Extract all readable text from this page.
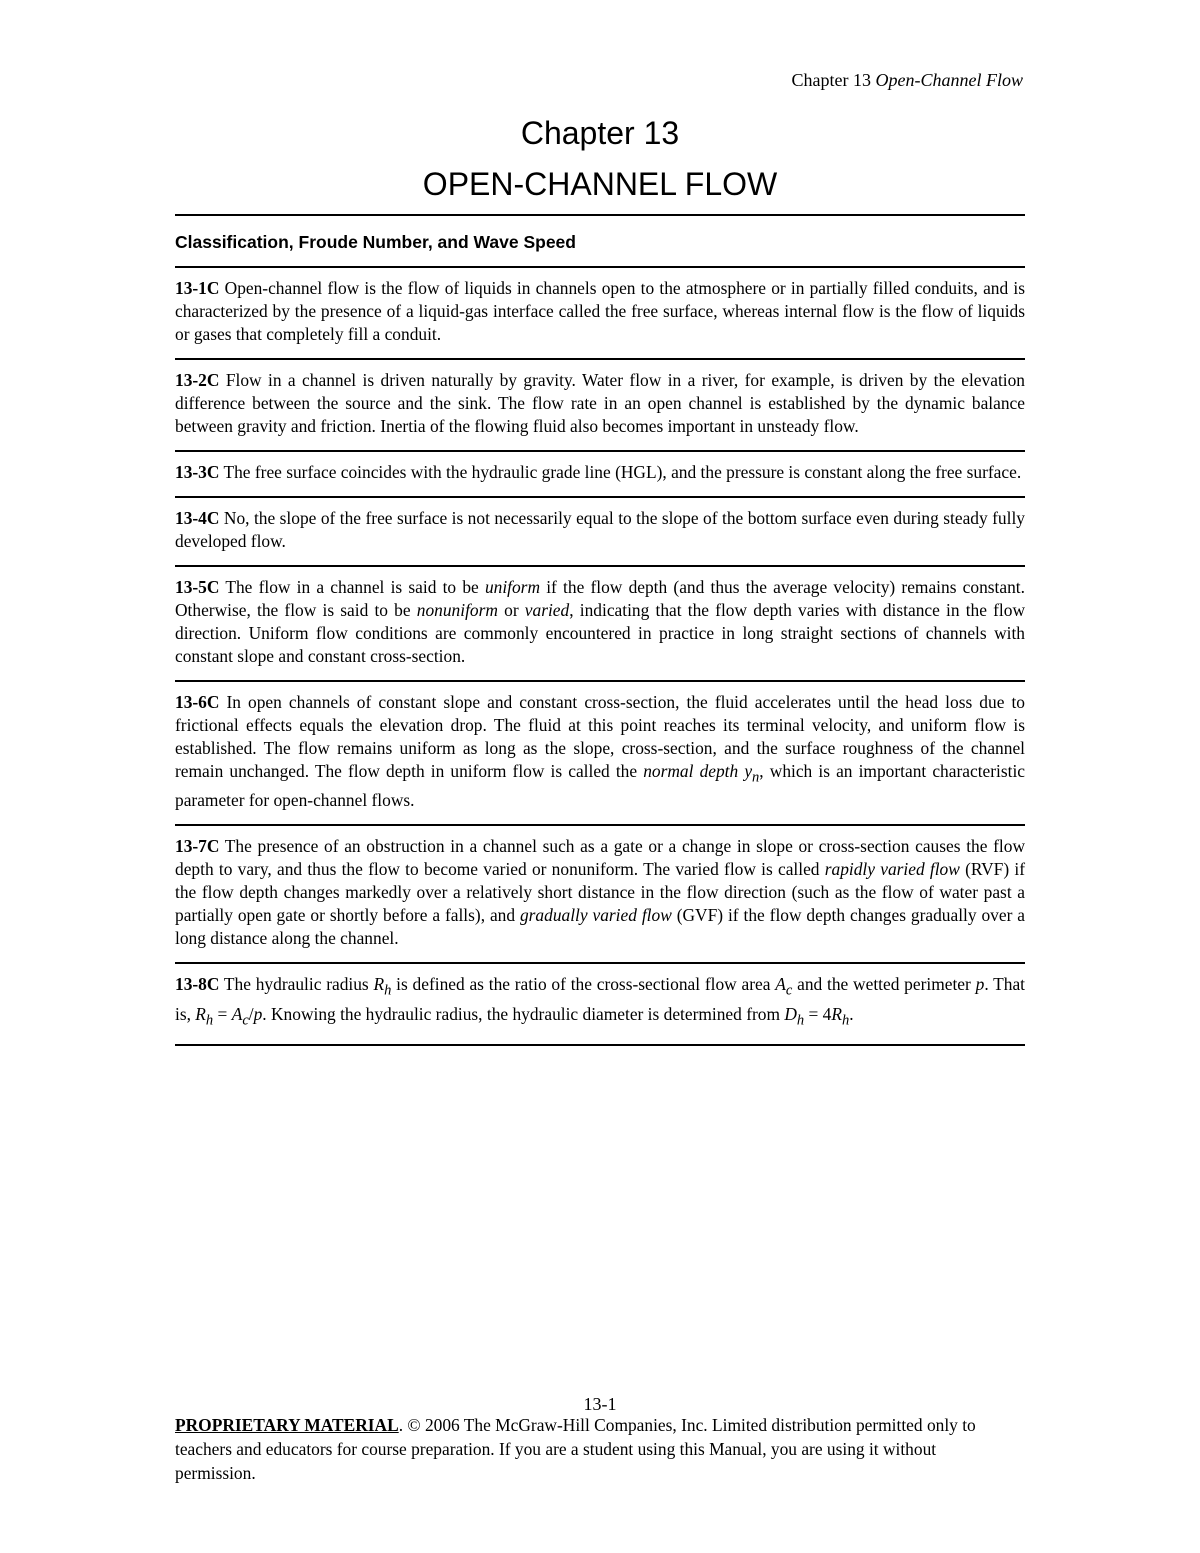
Chapter 13 Open-Channel Flow
Chapter 13
OPEN-CHANNEL FLOW
Classification, Froude Number, and Wave Speed
13-1C Open-channel flow is the flow of liquids in channels open to the atmosphere or in partially filled conduits, and is characterized by the presence of a liquid-gas interface called the free surface, whereas internal flow is the flow of liquids or gases that completely fill a conduit.
13-2C Flow in a channel is driven naturally by gravity. Water flow in a river, for example, is driven by the elevation difference between the source and the sink. The flow rate in an open channel is established by the dynamic balance between gravity and friction. Inertia of the flowing fluid also becomes important in unsteady flow.
13-3C The free surface coincides with the hydraulic grade line (HGL), and the pressure is constant along the free surface.
13-4C No, the slope of the free surface is not necessarily equal to the slope of the bottom surface even during steady fully developed flow.
13-5C The flow in a channel is said to be uniform if the flow depth (and thus the average velocity) remains constant. Otherwise, the flow is said to be nonuniform or varied, indicating that the flow depth varies with distance in the flow direction. Uniform flow conditions are commonly encountered in practice in long straight sections of channels with constant slope and constant cross-section.
13-6C In open channels of constant slope and constant cross-section, the fluid accelerates until the head loss due to frictional effects equals the elevation drop. The fluid at this point reaches its terminal velocity, and uniform flow is established. The flow remains uniform as long as the slope, cross-section, and the surface roughness of the channel remain unchanged. The flow depth in uniform flow is called the normal depth $y_n$, which is an important characteristic parameter for open-channel flows.
13-7C The presence of an obstruction in a channel such as a gate or a change in slope or cross-section causes the flow depth to vary, and thus the flow to become varied or nonuniform. The varied flow is called rapidly varied flow (RVF) if the flow depth changes markedly over a relatively short distance in the flow direction (such as the flow of water past a partially open gate or shortly before a falls), and gradually varied flow (GVF) if the flow depth changes gradually over a long distance along the channel.
13-8C The hydraulic radius $R_h$ is defined as the ratio of the cross-sectional flow area $A_c$ and the wetted perimeter p. That is, $R_h = A_c/p$. Knowing the hydraulic radius, the hydraulic diameter is determined from $D_h = 4R_h$.
13-1
PROPRIETARY MATERIAL. © 2006 The McGraw-Hill Companies, Inc. Limited distribution permitted only to teachers and educators for course preparation. If you are a student using this Manual, you are using it without permission.
